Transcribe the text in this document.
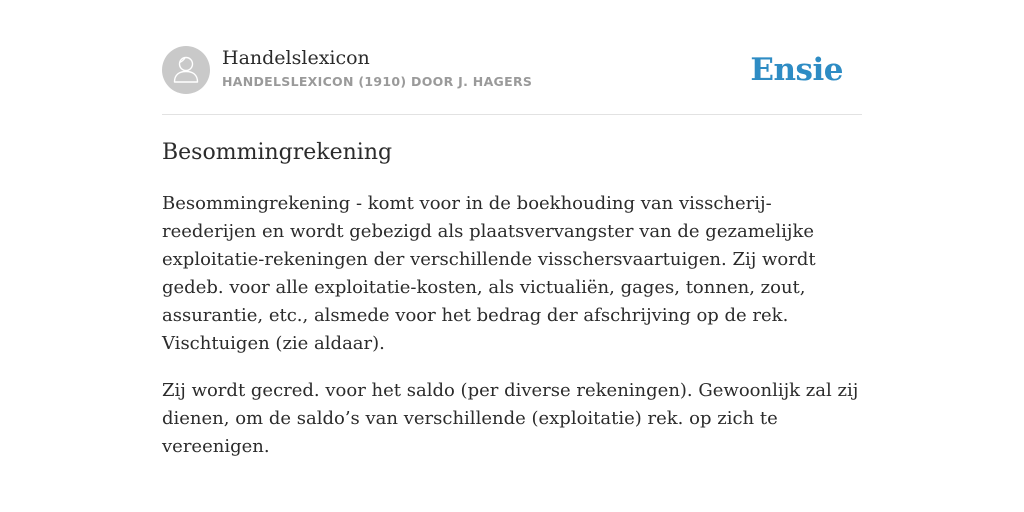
Handelslexicon
HANDELSLEXICON (1910) DOOR J. HAGERS	Ensie
Besommingrekening

Besommingrekening - komt voor in de boekhouding van visscherij-reederijen en wordt gebezigd als plaatsvervangster van de gezamelijke exploitatie-rekeningen der verschillende visschersvaartuigen. Zij wordt gedeb. voor alle exploitatie-kosten, als victualiën, gages, tonnen, zout, assurantie, etc., alsmede voor het bedrag der afschrijving op de rek. Vischtuigen (zie aldaar).

Zij wordt gecred. voor het saldo (per diverse rekeningen). Gewoonlijk zal zij dienen, om de saldo’s van verschillende (exploitatie) rek. op zich te vereenigen.
